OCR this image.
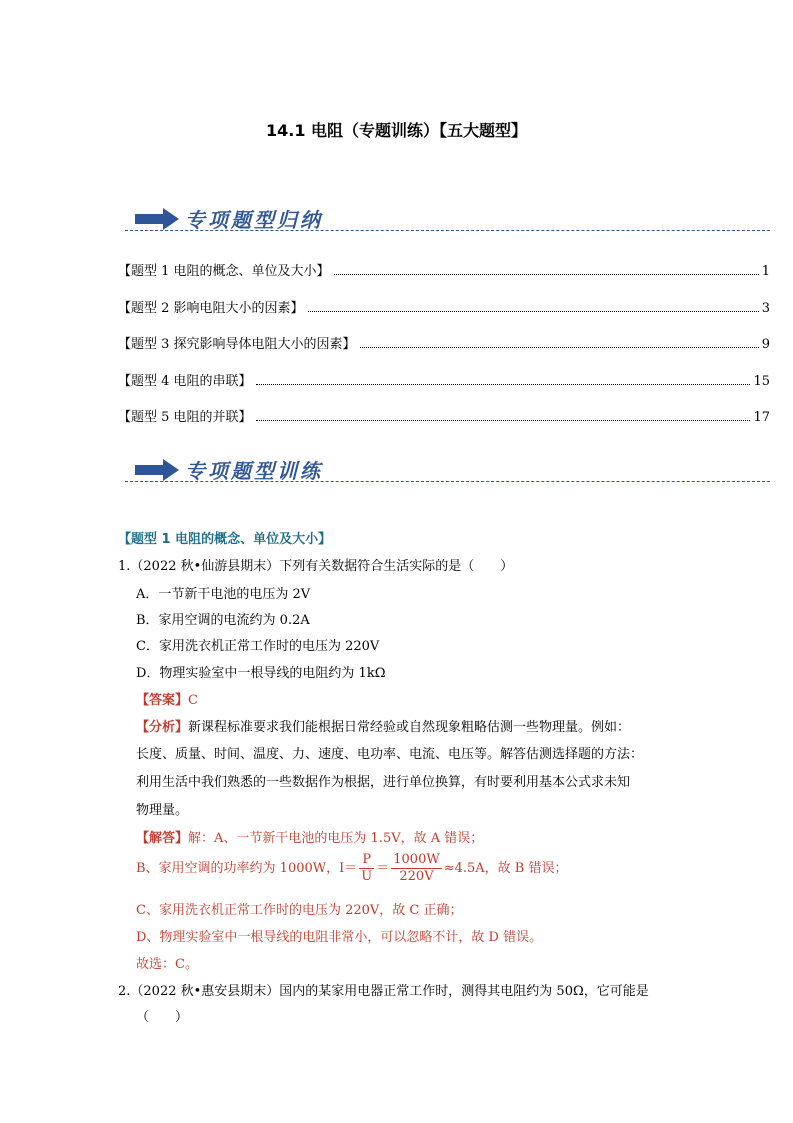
14.1 电阻（专题训练）【五大题型】
专项题型归纳
【题型 1 电阻的概念、单位及大小】	1
【题型 2 影响电阻大小的因素】	3
【题型 3 探究影响导体电阻大小的因素】	9
【题型 4 电阻的串联】	15
【题型 5 电阻的并联】	17
专项题型训练
【题型 1 电阻的概念、单位及大小】
1.（2022 秋•仙游县期末）下列有关数据符合生活实际的是（　　）
A．一节新干电池的电压为 2V
B．家用空调的电流约为 0.2A
C．家用洗衣机正常工作时的电压为 220V
D．物理实验室中一根导线的电阻约为 1kΩ
【答案】C
【分析】新课程标准要求我们能根据日常经验或自然现象粗略估测一些物理量。例如：
长度、质量、时间、温度、力、速度、电功率、电流、电压等。解答估测选择题的方法：
利用生活中我们熟悉的一些数据作为根据，进行单位换算，有时要利用基本公式求未知
物理量。
【解答】解：A、一节新干电池的电压为 1.5V，故 A 错误；
B、家用空调的功率约为 1000W，$I= \frac{P}{U} = \frac{1000W}{220V} \approx 4.5A$，故 B 错误；
C、家用洗衣机正常工作时的电压为 220V，故 C 正确；
D、物理实验室中一根导线的电阻非常小，可以忽略不计，故 D 错误。
故选：C。
2.（2022 秋•惠安县期末）国内的某家用电器正常工作时，测得其电阻约为 50Ω，它可能是
（　　）
